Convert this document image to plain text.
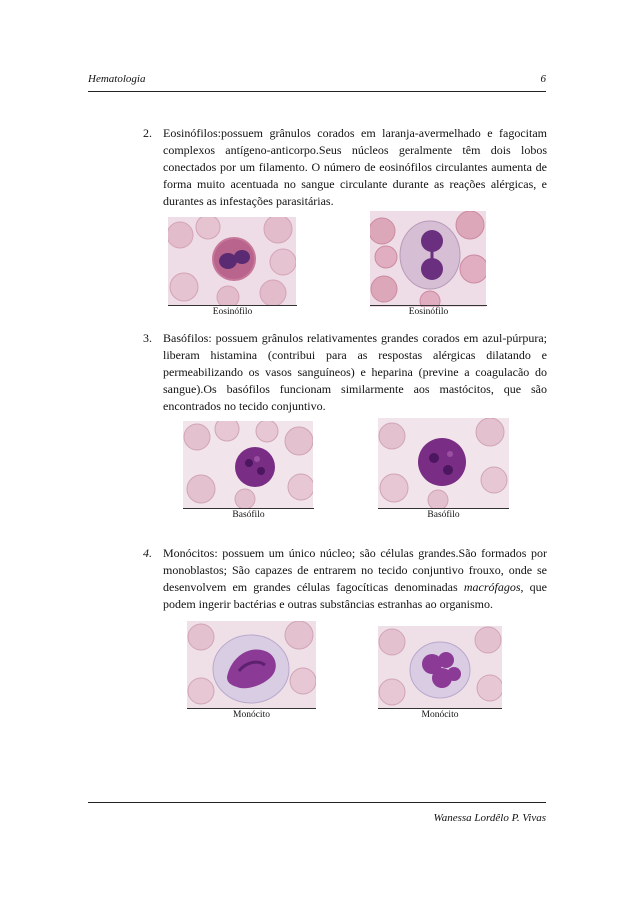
Hematologia	6
2. Eosinófilos:possuem grânulos corados em laranja-avermelhado e fagocitam complexos antígeno-anticorpo.Seus núcleos geralmente têm dois lobos conectados por um filamento. O número de eosinófilos circulantes aumenta de forma muito acentuada no sangue circulante durante as reações alérgicas, e durantes as infestações parasitárias.
Eosinófilo	Eosinófilo
3. Basófilos: possuem grânulos relativamentes grandes corados em azul-púrpura; liberam histamina (contribui para as respostas alérgicas dilatando e permeabilizando os vasos sanguíneos) e heparina (previne a coagulacão do sangue).Os basófilos funcionam similarmente aos mastócitos, que são encontrados no tecido conjuntivo.
Basófilo	Basófilo
4. Monócitos: possuem um único núcleo; são células grandes.São formados por monoblastos; São capazes de entrarem no tecido conjuntivo frouxo, onde se desenvolvem em grandes células fagocíticas denominadas macrófagos, que podem ingerir bactérias e outras substâncias estranhas ao organismo.
Monócito	Monócito
Wanessa Lordêlo P. Vivas
